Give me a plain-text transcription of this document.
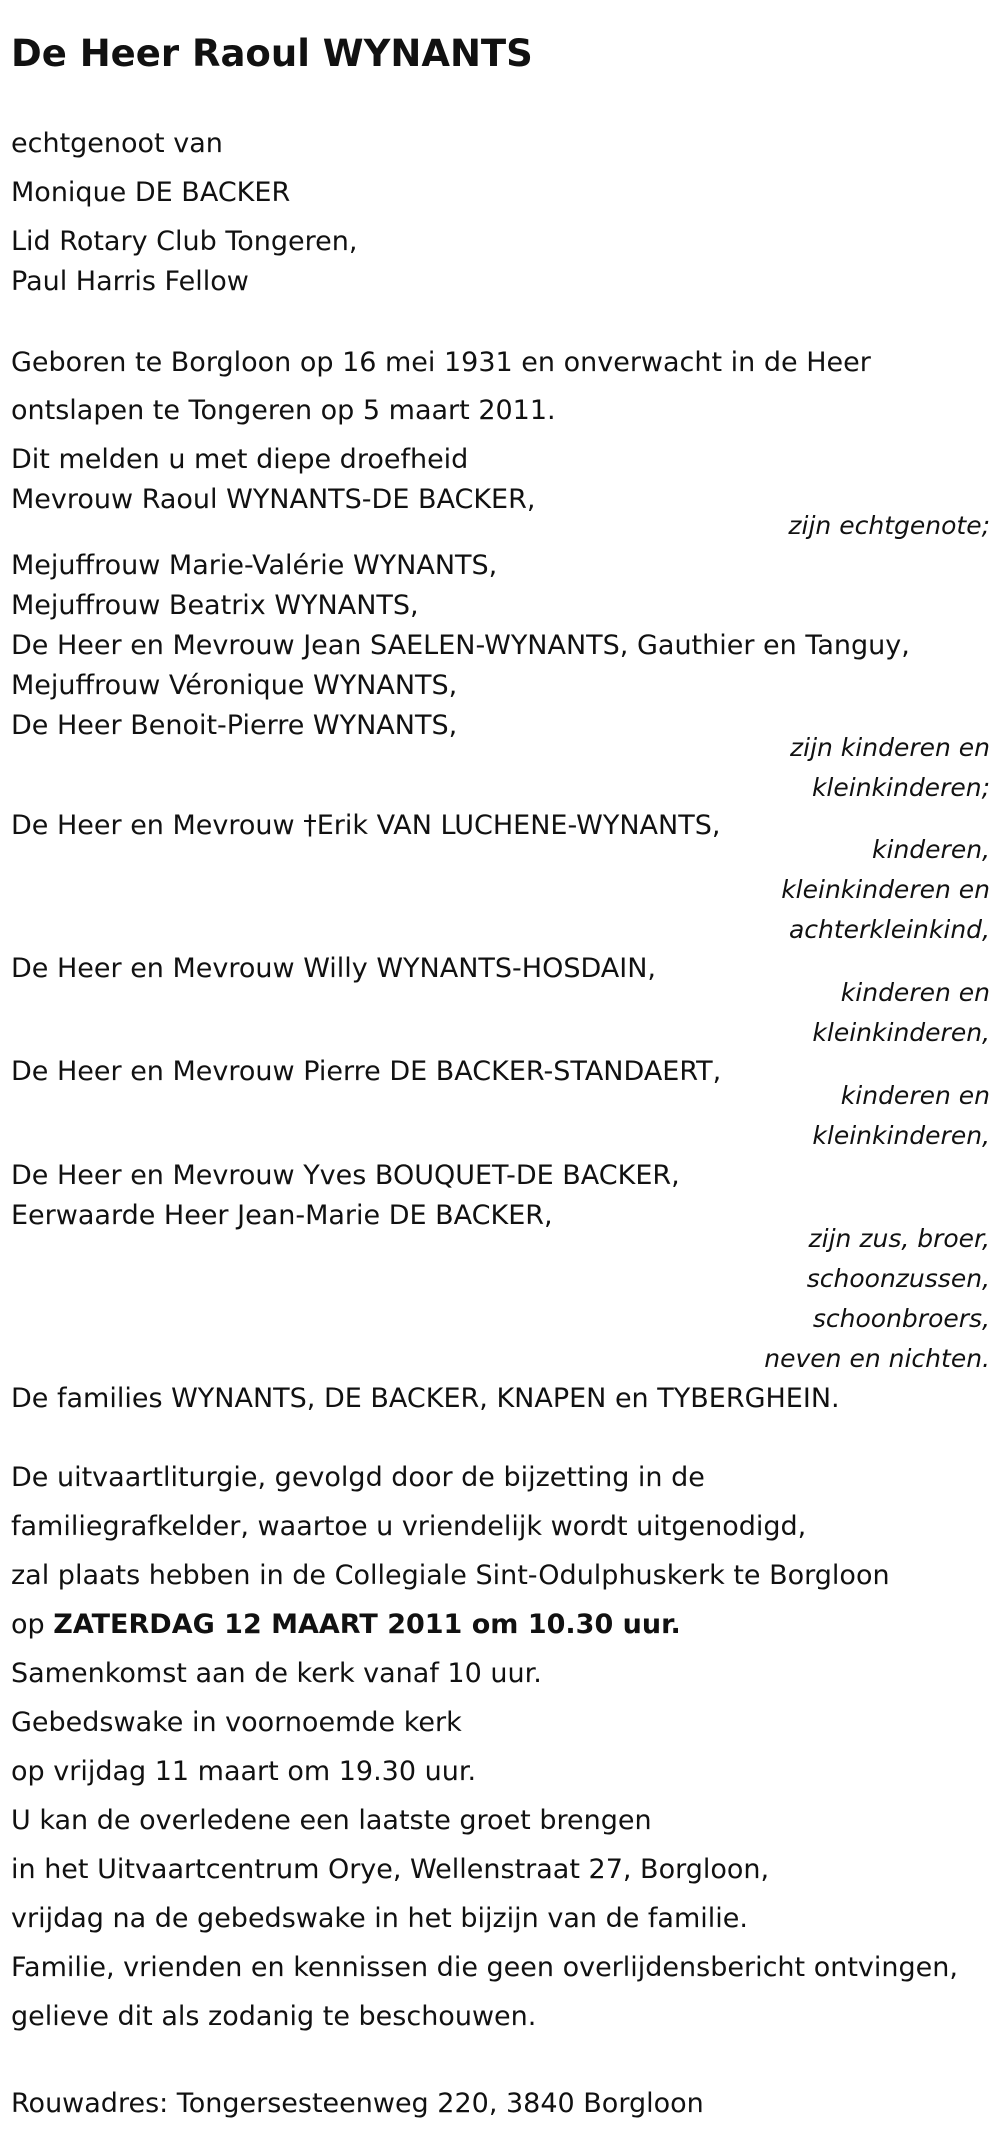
De Heer Raoul WYNANTS
echtgenoot van
Monique DE BACKER
Lid Rotary Club Tongeren,
Paul Harris Fellow
Geboren te Borgloon op 16 mei 1931 en onverwacht in de Heer
ontslapen te Tongeren op 5 maart 2011.
Dit melden u met diepe droefheid
Mevrouw Raoul WYNANTS-DE BACKER,
zijn echtgenote;
Mejuffrouw Marie-Valérie WYNANTS,
Mejuffrouw Beatrix WYNANTS,
De Heer en Mevrouw Jean SAELEN-WYNANTS, Gauthier en Tanguy,
Mejuffrouw Véronique WYNANTS,
De Heer Benoit-Pierre WYNANTS,
zijn kinderen en
kleinkinderen;
De Heer en Mevrouw †Erik VAN LUCHENE-WYNANTS,
kinderen,
kleinkinderen en
achterkleinkind,
De Heer en Mevrouw Willy WYNANTS-HOSDAIN,
kinderen en
kleinkinderen,
De Heer en Mevrouw Pierre DE BACKER-STANDAERT,
kinderen en
kleinkinderen,
De Heer en Mevrouw Yves BOUQUET-DE BACKER,
Eerwaarde Heer Jean-Marie DE BACKER,
zijn zus, broer,
schoonzussen,
schoonbroers,
neven en nichten.
De families WYNANTS, DE BACKER, KNAPEN en TYBERGHEIN.
De uitvaartliturgie, gevolgd door de bijzetting in de
familiegrafkelder, waartoe u vriendelijk wordt uitgenodigd,
zal plaats hebben in de Collegiale Sint-Odulphuskerk te Borgloon
op ZATERDAG 12 MAART 2011 om 10.30 uur.
Samenkomst aan de kerk vanaf 10 uur.
Gebedswake in voornoemde kerk
op vrijdag 11 maart om 19.30 uur.
U kan de overledene een laatste groet brengen
in het Uitvaartcentrum Orye, Wellenstraat 27, Borgloon,
vrijdag na de gebedswake in het bijzijn van de familie.
Familie, vrienden en kennissen die geen overlijdensbericht ontvingen,
gelieve dit als zodanig te beschouwen.
Rouwadres: Tongersesteenweg 220, 3840 Borgloon
